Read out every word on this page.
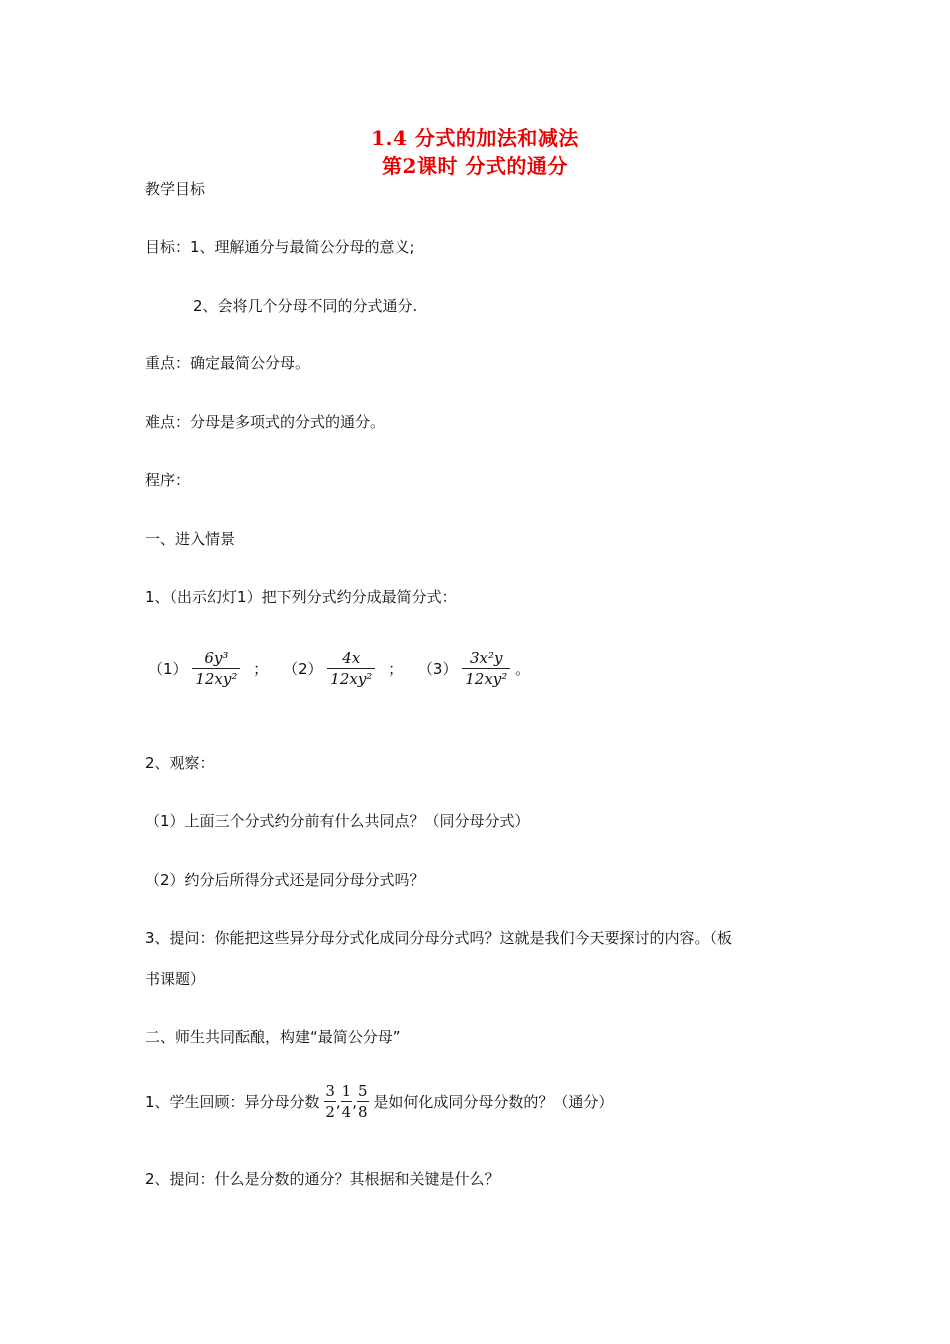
1.4 分式的加法和减法
第2课时 分式的通分
教学目标
目标：1、理解通分与最简公分母的意义;
2、会将几个分母不同的分式通分.
重点：确定最简公分母。
难点：分母是多项式的分式的通分。
程序：
一、进入情景
1、（出示幻灯1）把下列分式约分成最简分式：
$(1) \frac{\text{6y³}}{\text{12xy²}}$ ； $(2) \frac{4x}{\text{12xy²}}$ ； $(3) \frac{\text{3x²y}}{\text{12xy²}}$ 。
2、观察：
（1）上面三个分式约分前有什么共同点？（同分母分式）
（2）约分后所得分式还是同分母分式吗？
3、提问：你能把这些异分母分式化成同分母分式吗？这就是我们今天要探讨的内容。（板
书课题）
二、师生共同酝酿，构建“最简公分母”
1、学生回顾：异分母分数 $\frac{3}{2}$ , $\frac{1}{4}$ , $\frac{5}{8}$ 是如何化成同分母分数的？（通分）
2、提问：什么是分数的通分？其根据和关键是什么？
